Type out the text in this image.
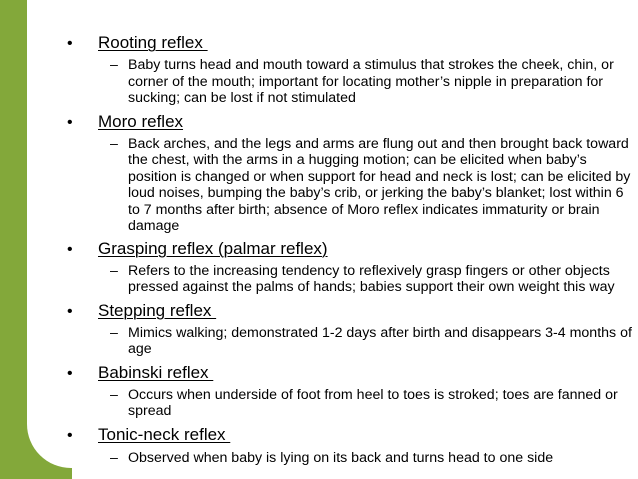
• Rooting reflex
– Baby turns head and mouth toward a stimulus that strokes the cheek, chin, or corner of the mouth; important for locating mother’s nipple in preparation for sucking; can be lost if not stimulated
• Moro reflex
– Back arches, and the legs and arms are flung out and then brought back toward the chest, with the arms in a hugging motion; can be elicited when baby’s position is changed or when support for head and neck is lost; can be elicited by loud noises, bumping the baby’s crib, or jerking the baby’s blanket; lost within 6 to 7 months after birth; absence of Moro reflex indicates immaturity or brain damage
• Grasping reflex (palmar reflex)
– Refers to the increasing tendency to reflexively grasp fingers or other objects pressed against the palms of hands; babies support their own weight this way
• Stepping reflex
– Mimics walking; demonstrated 1-2 days after birth and disappears 3-4 months of age
• Babinski reflex
– Occurs when underside of foot from heel to toes is stroked; toes are fanned or spread
• Tonic-neck reflex
– Observed when baby is lying on its back and turns head to one side
